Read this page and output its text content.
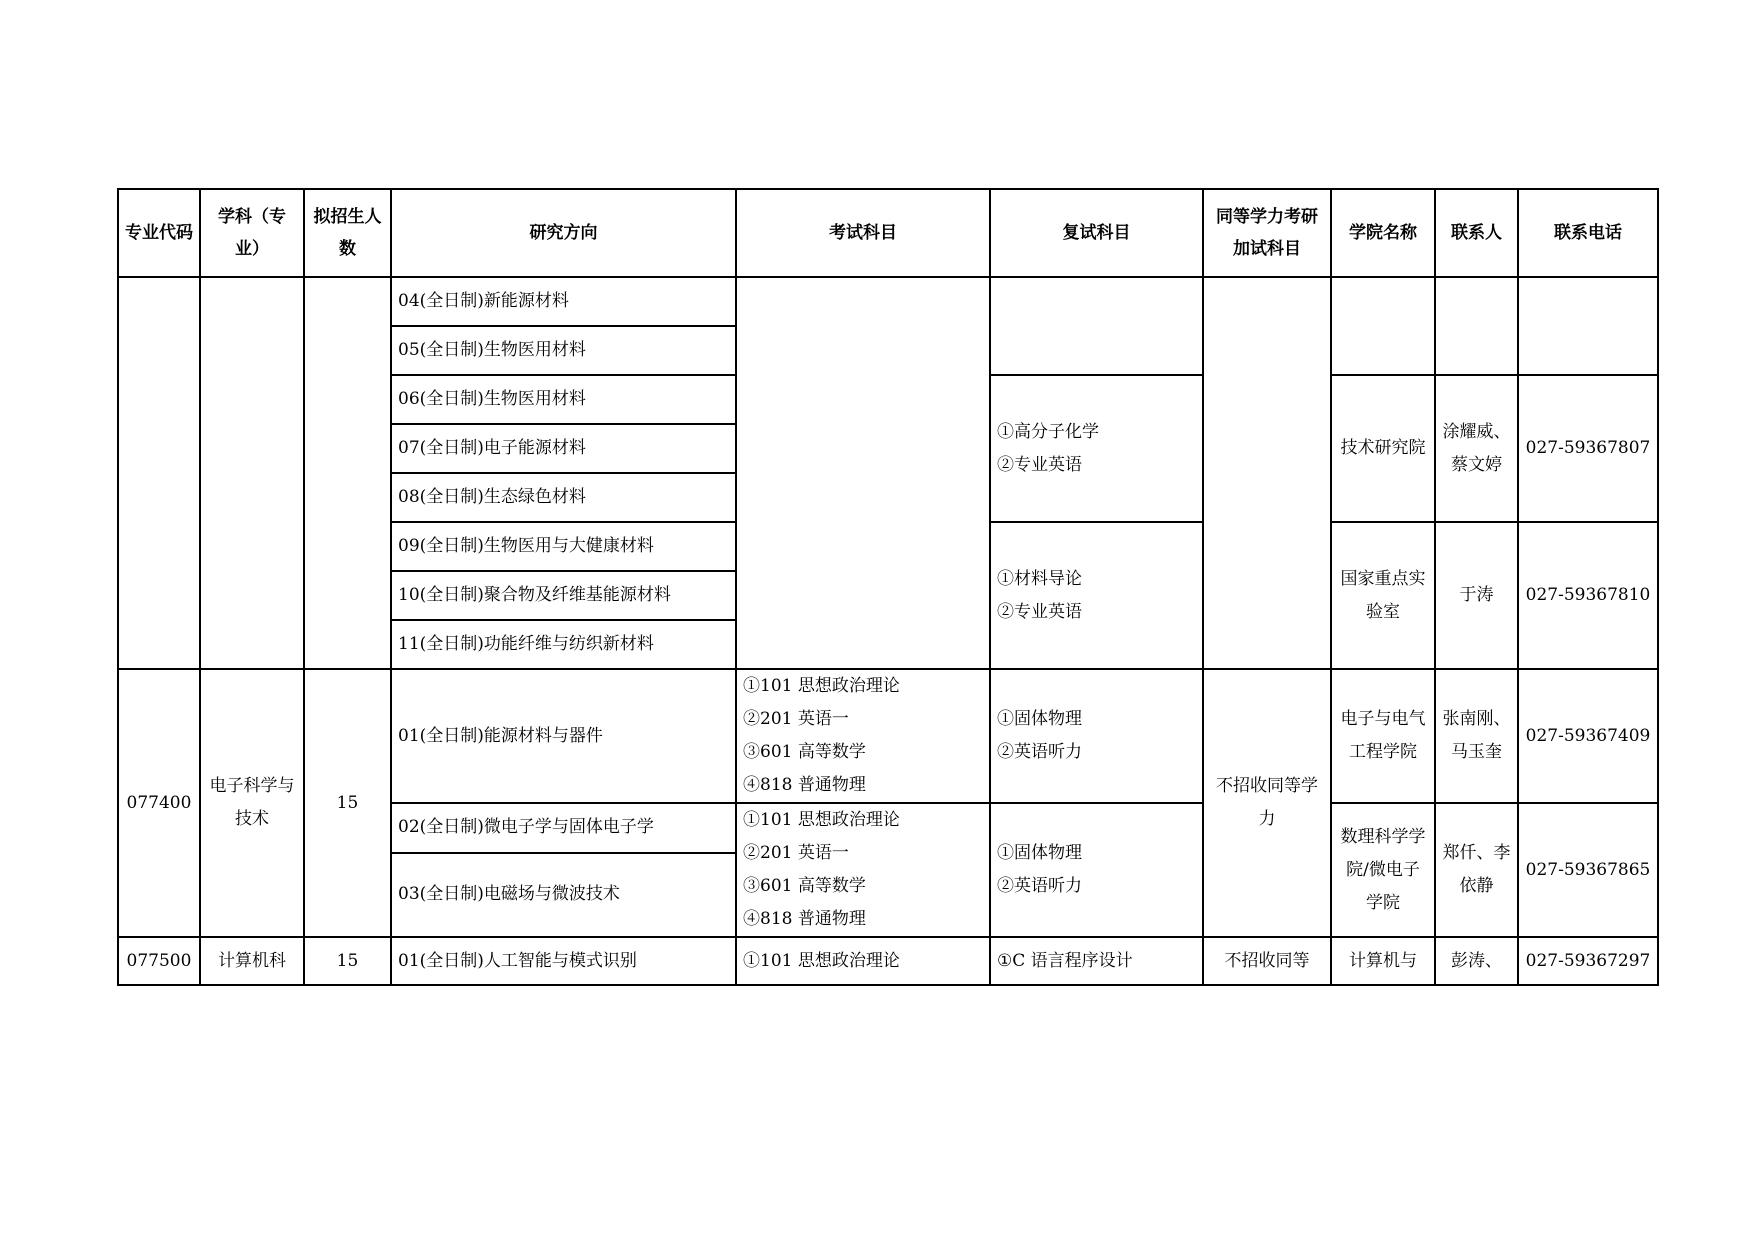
专业代码	学科（专业）	拟招生人数	研究方向	考试科目	复试科目	同等学力考研加试科目	学院名称	联系人	联系电话
			04(全日制)新能源材料						
			05(全日制)生物医用材料						
			06(全日制)生物医用材料		①高分子化学
②专业英语		技术研究院	涂耀威、蔡文婷	027-59367807
			07(全日制)电子能源材料						
			08(全日制)生态绿色材料						
			09(全日制)生物医用与大健康材料		①材料导论
②专业英语		国家重点实验室	于涛	027-59367810
			10(全日制)聚合物及纤维基能源材料						
			11(全日制)功能纤维与纺织新材料						
077400	电子科学与技术	15	01(全日制)能源材料与器件	①101 思想政治理论
②201 英语一
③601 高等数学
④818 普通物理	①固体物理
②英语听力	不招收同等学力	电子与电气工程学院	张南刚、马玉奎	027-59367409
			02(全日制)微电子学与固体电子学	①101 思想政治理论
②201 英语一
③601 高等数学
④818 普通物理	①固体物理
②英语听力		数理科学学院/微电子学院	郑仟、李依静	027-59367865
			03(全日制)电磁场与微波技术						
077500	计算机科	15	01(全日制)人工智能与模式识别	①101 思想政治理论	①C 语言程序设计	不招收同等	计算机与	彭涛、	027-59367297
